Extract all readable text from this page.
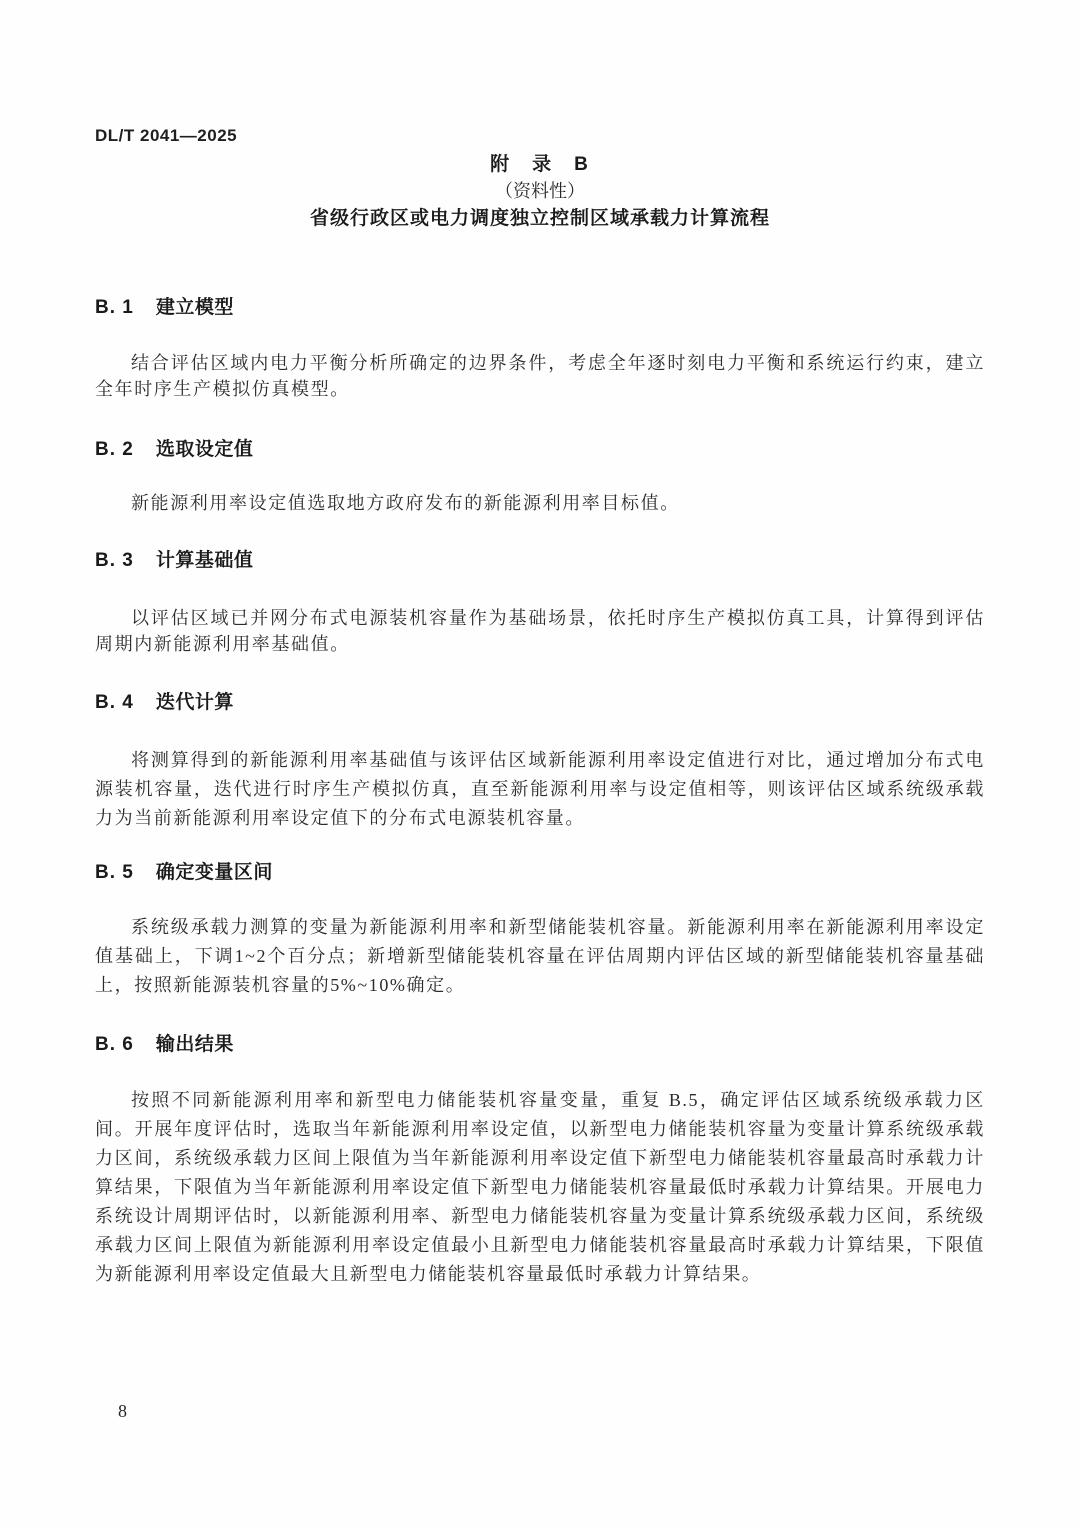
DL/T 2041—2025
附　录　B
（资料性）
省级行政区或电力调度独立控制区域承载力计算流程
B. 1 建立模型

结合评估区域内电力平衡分析所确定的边界条件，考虑全年逐时刻电力平衡和系统运行约束，建立全年时序生产模拟仿真模型。

B. 2 选取设定值

新能源利用率设定值选取地方政府发布的新能源利用率目标值。

B. 3 计算基础值

以评估区域已并网分布式电源装机容量作为基础场景，依托时序生产模拟仿真工具，计算得到评估周期内新能源利用率基础值。

B. 4 迭代计算

将测算得到的新能源利用率基础值与该评估区域新能源利用率设定值进行对比，通过增加分布式电源装机容量，迭代进行时序生产模拟仿真，直至新能源利用率与设定值相等，则该评估区域系统级承载力为当前新能源利用率设定值下的分布式电源装机容量。

B. 5 确定变量区间

系统级承载力测算的变量为新能源利用率和新型储能装机容量。新能源利用率在新能源利用率设定值基础上，下调1~2个百分点；新增新型储能装机容量在评估周期内评估区域的新型储能装机容量基础上，按照新能源装机容量的5%~10%确定。

B. 6 输出结果

按照不同新能源利用率和新型电力储能装机容量变量，重复 B.5，确定评估区域系统级承载力区间。开展年度评估时，选取当年新能源利用率设定值，以新型电力储能装机容量为变量计算系统级承载力区间，系统级承载力区间上限值为当年新能源利用率设定值下新型电力储能装机容量最高时承载力计算结果，下限值为当年新能源利用率设定值下新型电力储能装机容量最低时承载力计算结果。开展电力系统设计周期评估时，以新能源利用率、新型电力储能装机容量为变量计算系统级承载力区间，系统级承载力区间上限值为新能源利用率设定值最小且新型电力储能装机容量最高时承载力计算结果，下限值为新能源利用率设定值最大且新型电力储能装机容量最低时承载力计算结果。

8
